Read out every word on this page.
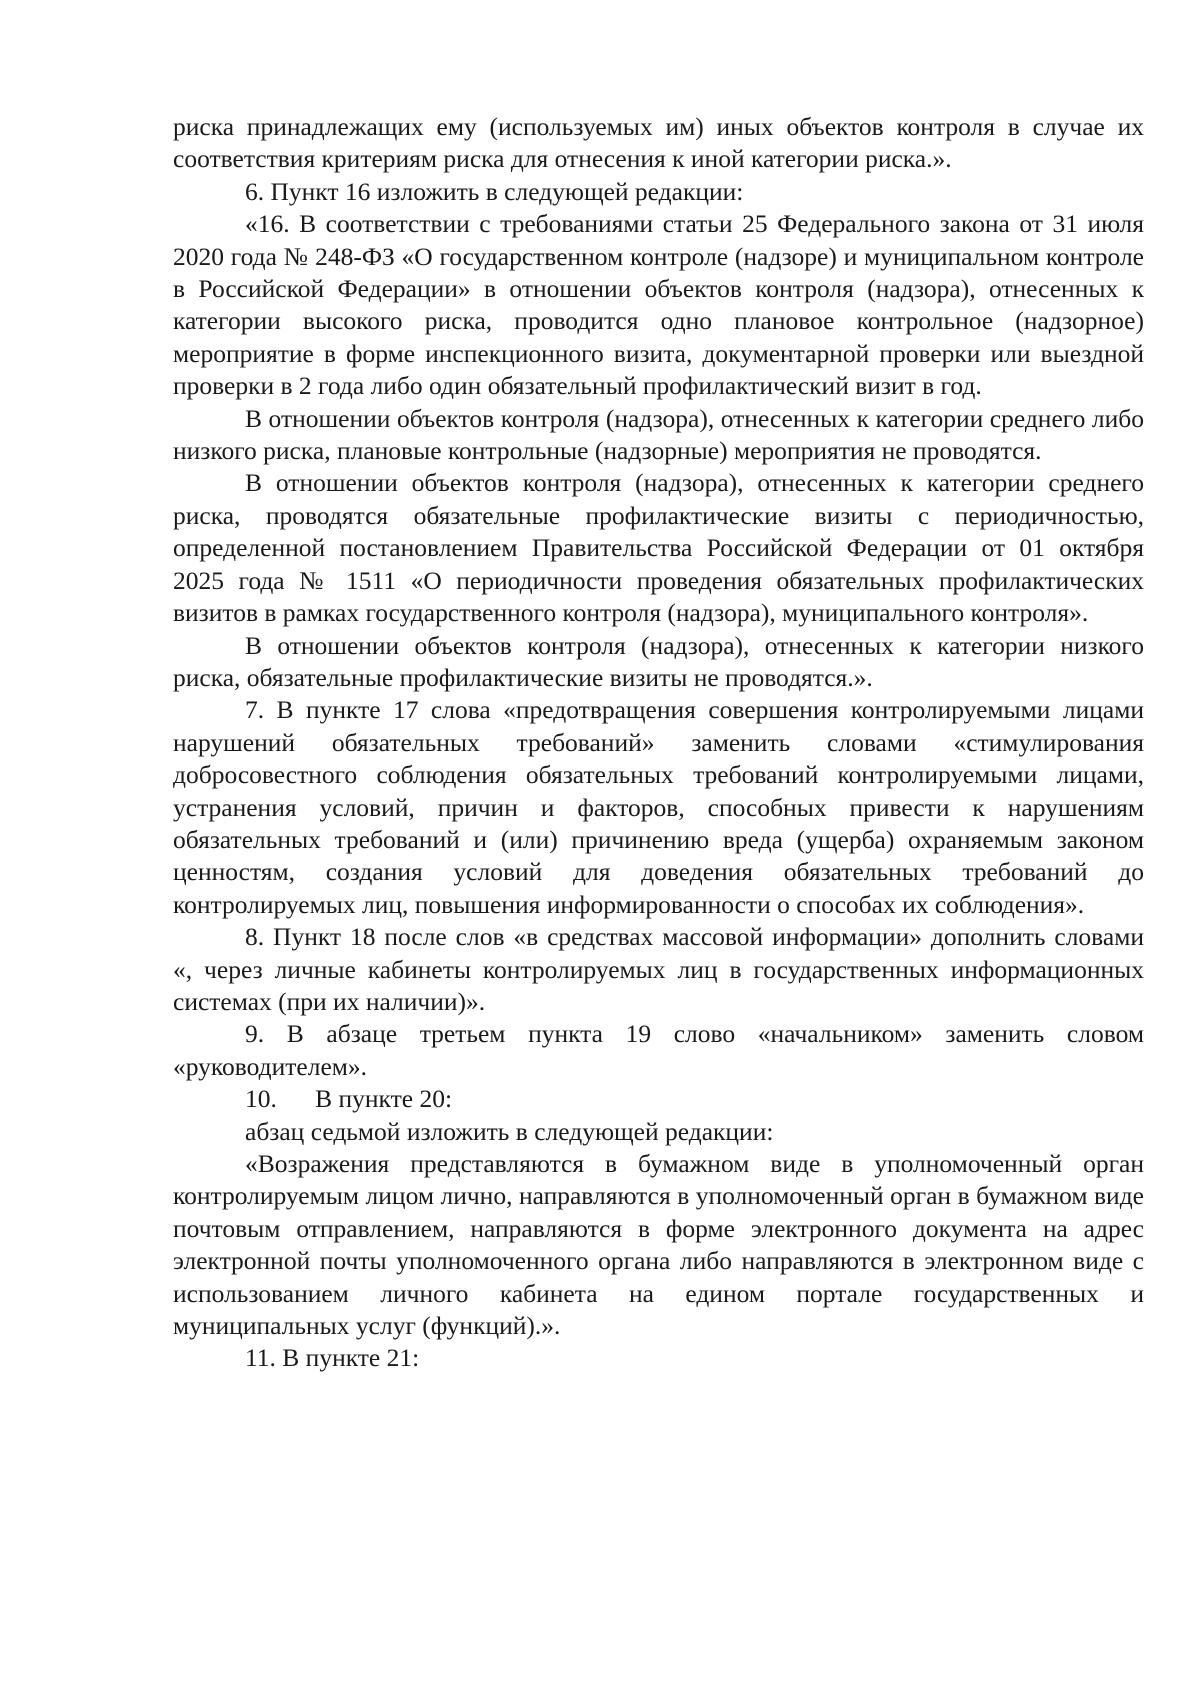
риска принадлежащих ему (используемых им) иных объектов контроля в случае их соответствия критериям риска для отнесения к иной категории риска.».

6. Пункт 16 изложить в следующей редакции:

«16. В соответствии с требованиями статьи 25 Федерального закона от 31 июля 2020 года № 248-ФЗ «О государственном контроле (надзоре) и муниципальном контроле в Российской Федерации» в отношении объектов контроля (надзора), отнесенных к категории высокого риска, проводится одно плановое контрольное (надзорное) мероприятие в форме инспекционного визита, документарной проверки или выездной проверки в 2 года либо один обязательный профилактический визит в год.

В отношении объектов контроля (надзора), отнесенных к категории среднего либо низкого риска, плановые контрольные (надзорные) мероприятия не проводятся.

В отношении объектов контроля (надзора), отнесенных к категории среднего риска, проводятся обязательные профилактические визиты с периодичностью, определенной постановлением Правительства Российской Федерации от 01 октября 2025 года № 1511 «О периодичности проведения обязательных профилактических визитов в рамках государственного контроля (надзора), муниципального контроля».

В отношении объектов контроля (надзора), отнесенных к категории низкого риска, обязательные профилактические визиты не проводятся.».

7. В пункте 17 слова «предотвращения совершения контролируемыми лицами нарушений обязательных требований» заменить словами «стимулирования добросовестного соблюдения обязательных требований контролируемыми лицами, устранения условий, причин и факторов, способных привести к нарушениям обязательных требований и (или) причинению вреда (ущерба) охраняемым законом ценностям, создания условий для доведения обязательных требований до контролируемых лиц, повышения информированности о способах их соблюдения».

8. Пункт 18 после слов «в средствах массовой информации» дополнить словами «, через личные кабинеты контролируемых лиц в государственных информационных системах (при их наличии)».

9. В абзаце третьем пункта 19 слово «начальником» заменить словом «руководителем».

10.      В пункте 20:

абзац седьмой изложить в следующей редакции:

«Возражения представляются в бумажном виде в уполномоченный орган контролируемым лицом лично, направляются в уполномоченный орган в бумажном виде почтовым отправлением, направляются в форме электронного документа на адрес электронной почты уполномоченного органа либо направляются в электронном виде с использованием личного кабинета на едином портале государственных и муниципальных услуг (функций).».

11. В пункте 21:
